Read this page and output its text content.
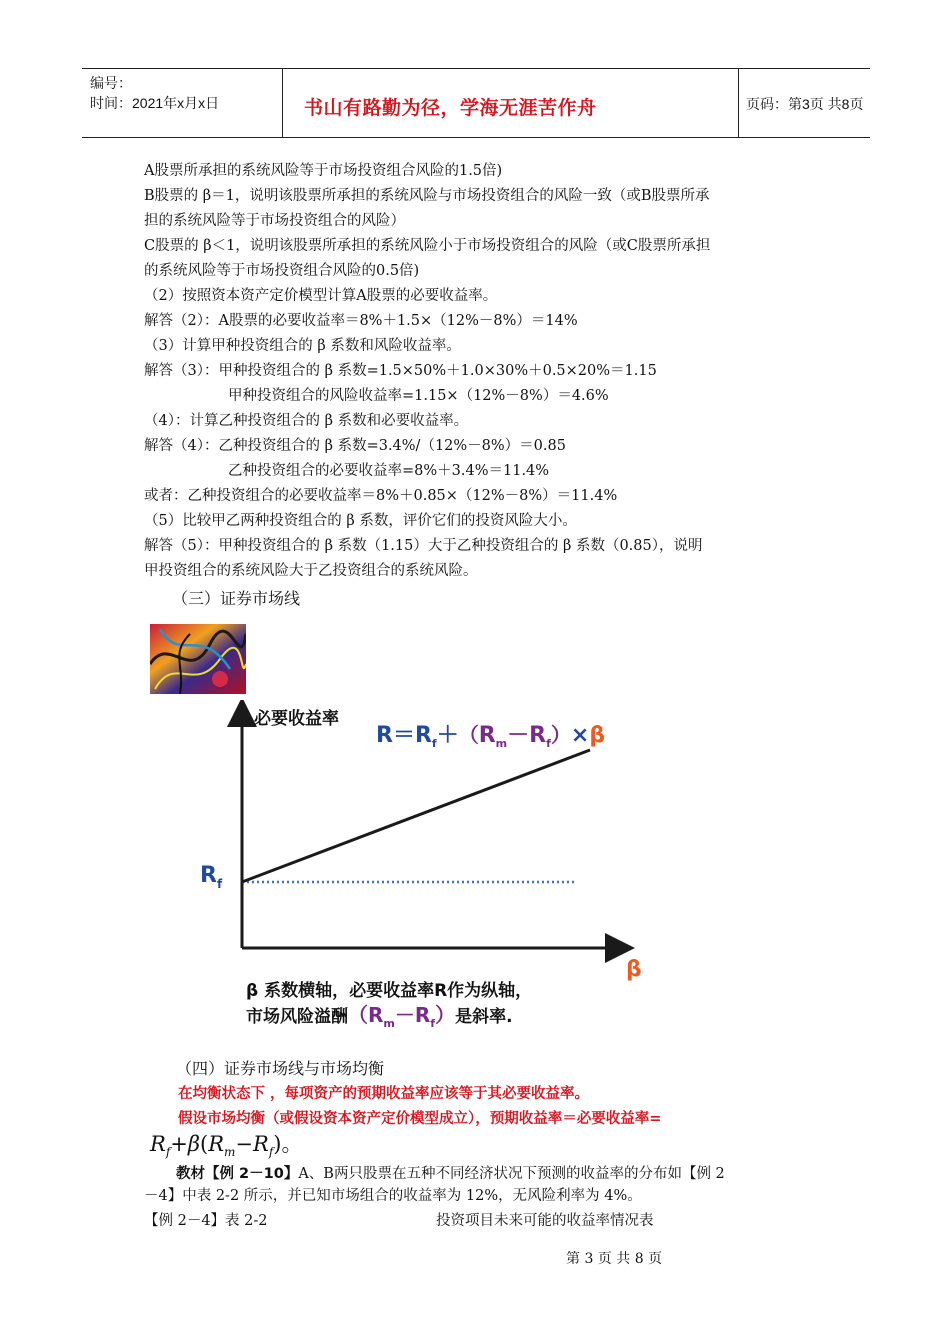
编号：
时间：2021年x月x日	书山有路勤为径，学海无涯苦作舟	页码：第3页 共8页
A股票所承担的系统风险等于市场投资组合风险的1.5倍)
B股票的 β＝1，说明该股票所承担的系统风险与市场投资组合的风险一致（或B股票所承
担的系统风险等于市场投资组合的风险）
C股票的 β＜1，说明该股票所承担的系统风险小于市场投资组合的风险（或C股票所承担
的系统风险等于市场投资组合风险的0.5倍)
（2）按照资本资产定价模型计算A股票的必要收益率。
解答（2）：A股票的必要收益率＝8%＋1.5×（12%－8%）＝14%
（3）计算甲种投资组合的 β 系数和风险收益率。
解答（3）：甲种投资组合的 β 系数=1.5×50%＋1.0×30%＋0.5×20%＝1.15
甲种投资组合的风险收益率=1.15×（12%－8%）＝4.6%
（4）：计算乙种投资组合的 β 系数和必要收益率。
解答（4）：乙种投资组合的 β 系数=3.4%/（12%－8%）＝0.85
乙种投资组合的必要收益率=8%＋3.4%＝11.4%
或者：乙种投资组合的必要收益率＝8%＋0.85×（12%－8%）＝11.4%
（5）比较甲乙两种投资组合的 β 系数，评价它们的投资风险大小。
解答（5）：甲种投资组合的 β 系数（1.15）大于乙种投资组合的 β 系数（0.85），说明
甲投资组合的系统风险大于乙投资组合的系统风险。
（三）证券市场线
必要收益率
$R_f$
β
$R=R_f+(R_m-R_f)\times\beta$
β 系数横轴，必要收益率R作为纵轴，
市场风险溢酬$(R_m-R_f)$是斜率.
（四）证券市场线与市场均衡
在均衡状态下 ，每项资产的预期收益率应该等于其必要收益率。
假设市场均衡（或假设资本资产定价模型成立），预期收益率＝必要收益率=
$R_f+\beta(R_m-R_f)$。
教材【例 2－10】A、B两只股票在五种不同经济状况下预测的收益率的分布如【例 2
－4】中表 2-2 所示，并已知市场组合的收益率为 12%，无风险利率为 4%。
【例 2－4】表 2-2	投资项目未来可能的收益率情况表
第 3 页 共 8 页
